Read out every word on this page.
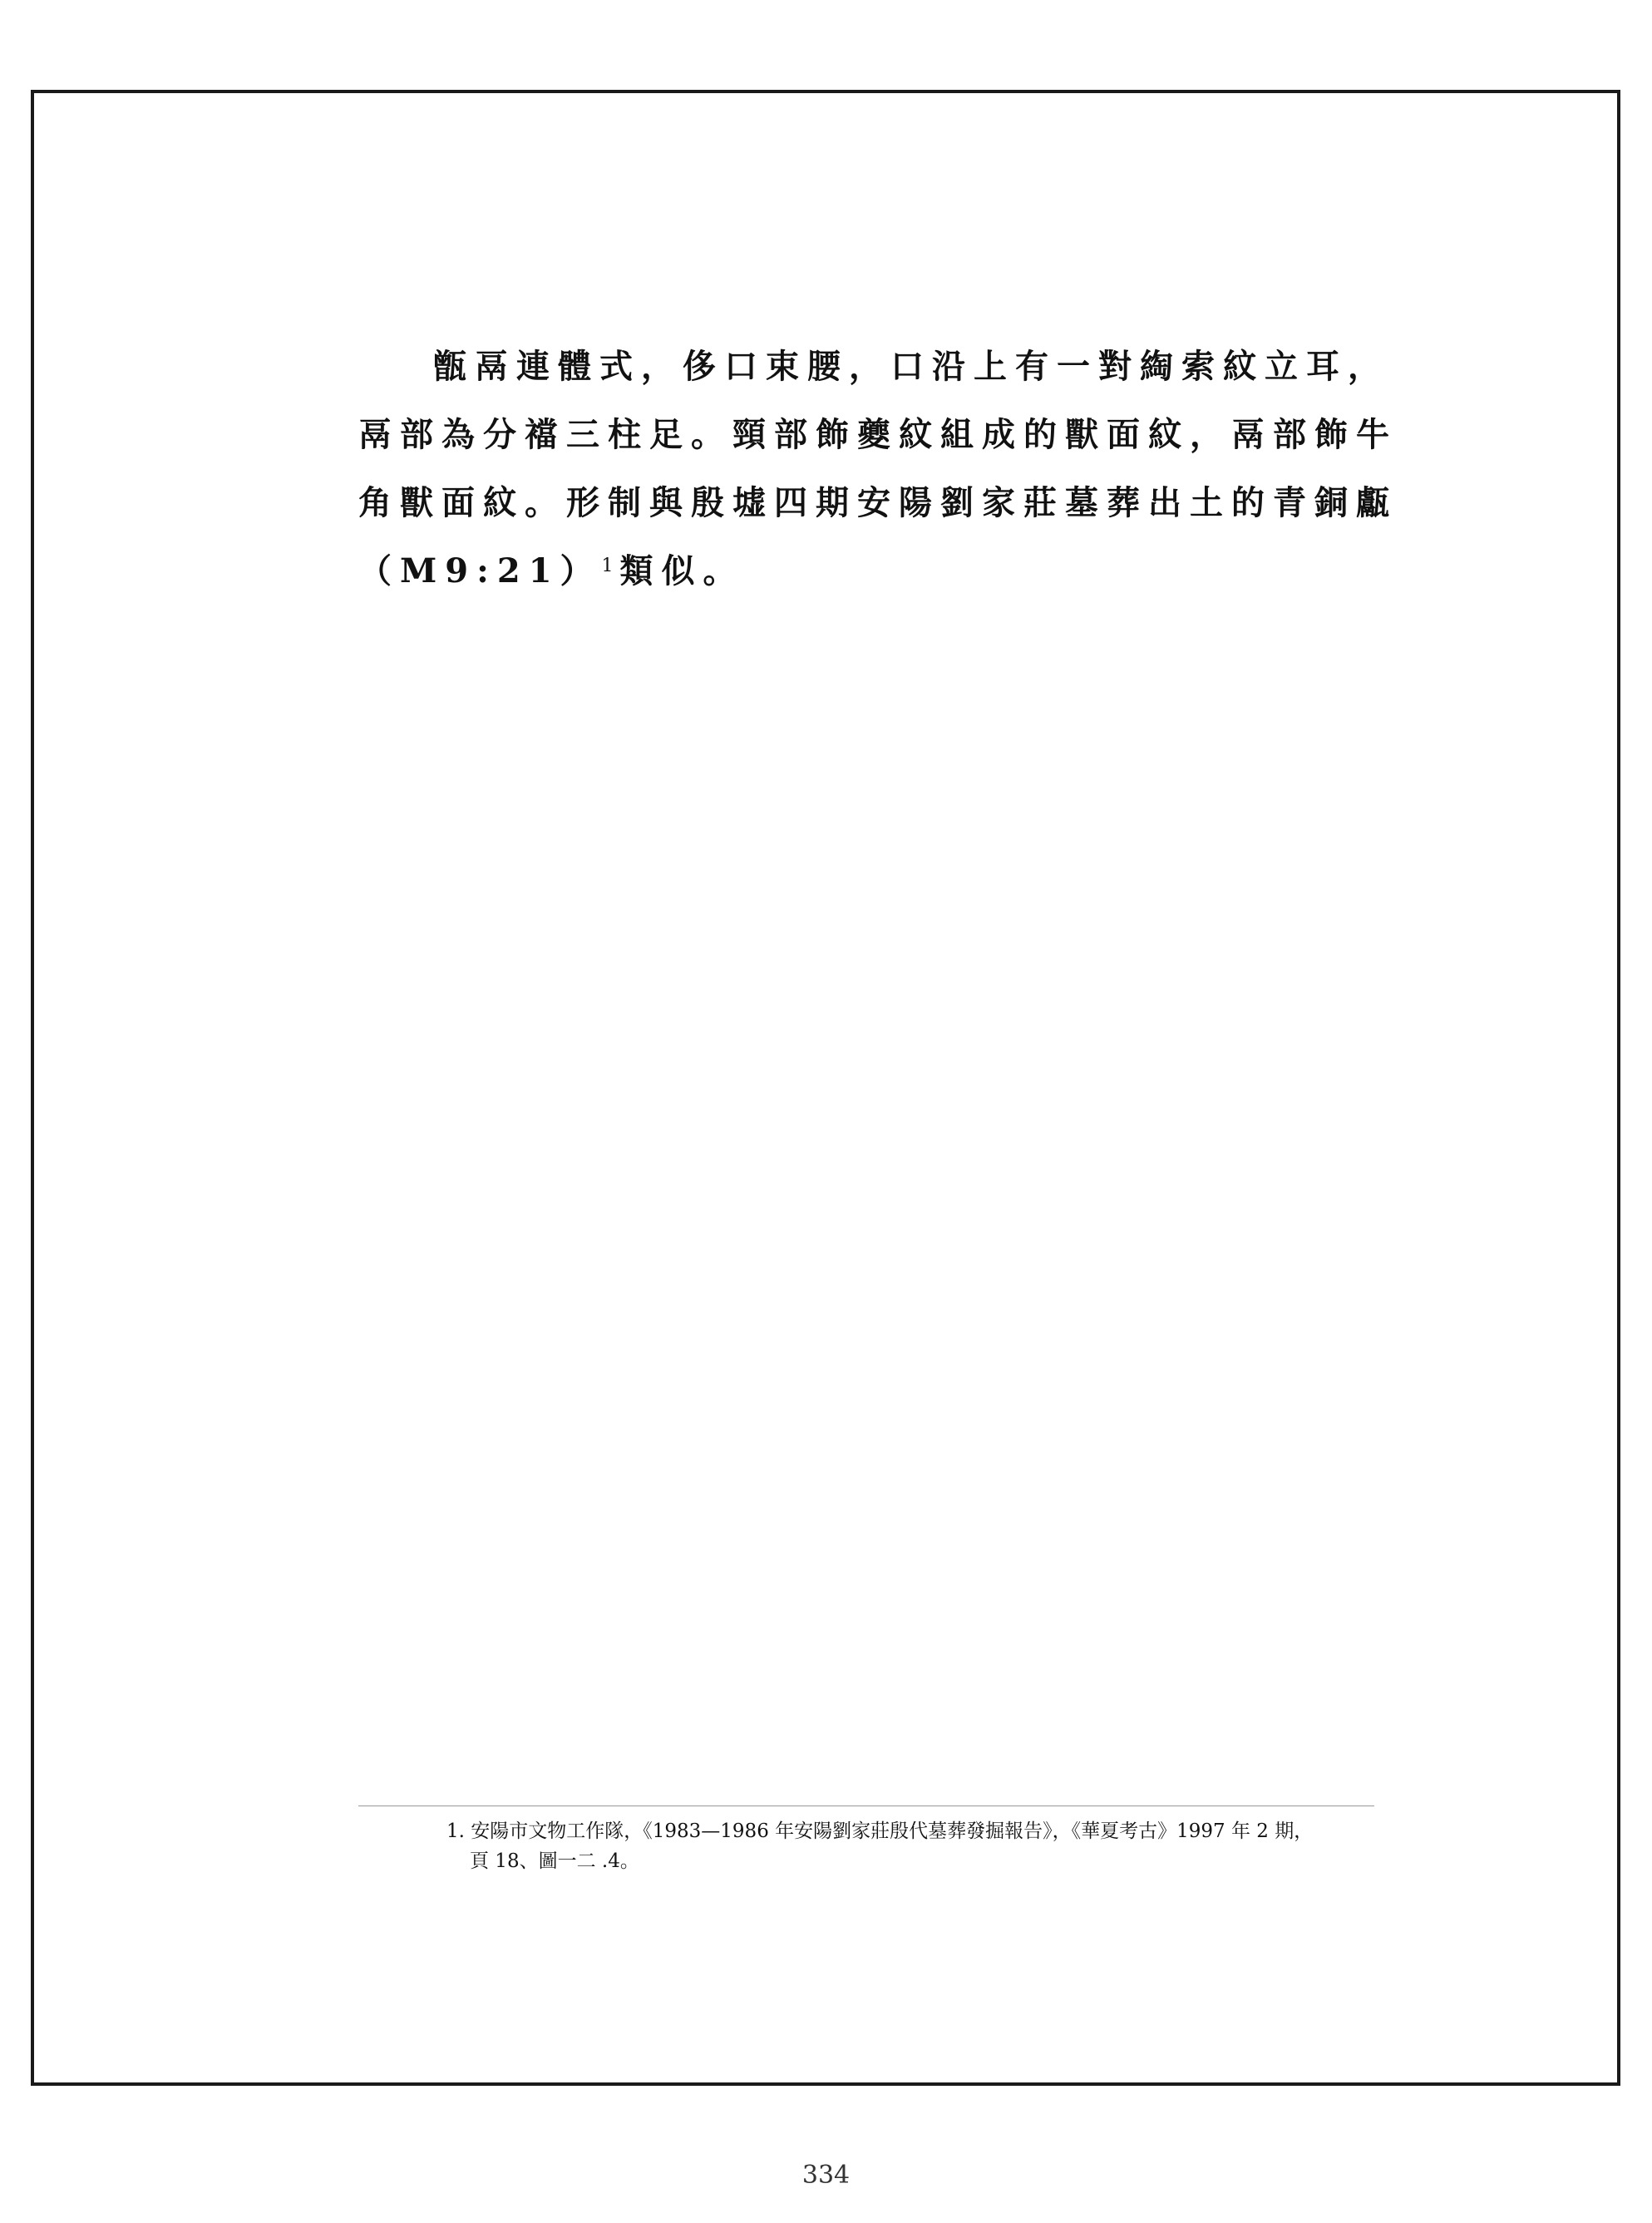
甑鬲連體式，侈口束腰，口沿上有一對綯索紋立耳，
鬲部為分襠三柱足。頸部飾夔紋組成的獸面紋，鬲部飾牛
角獸面紋。形制與殷墟四期安陽劉家莊墓葬出土的青銅甗
（M9:21）$^1$ 類似。
1. 安陽市文物工作隊，《1983—1986 年安陽劉家莊殷代墓葬發掘報告》，《華夏考古》1997 年 2 期，
頁 18、圖一二 .4。
334
